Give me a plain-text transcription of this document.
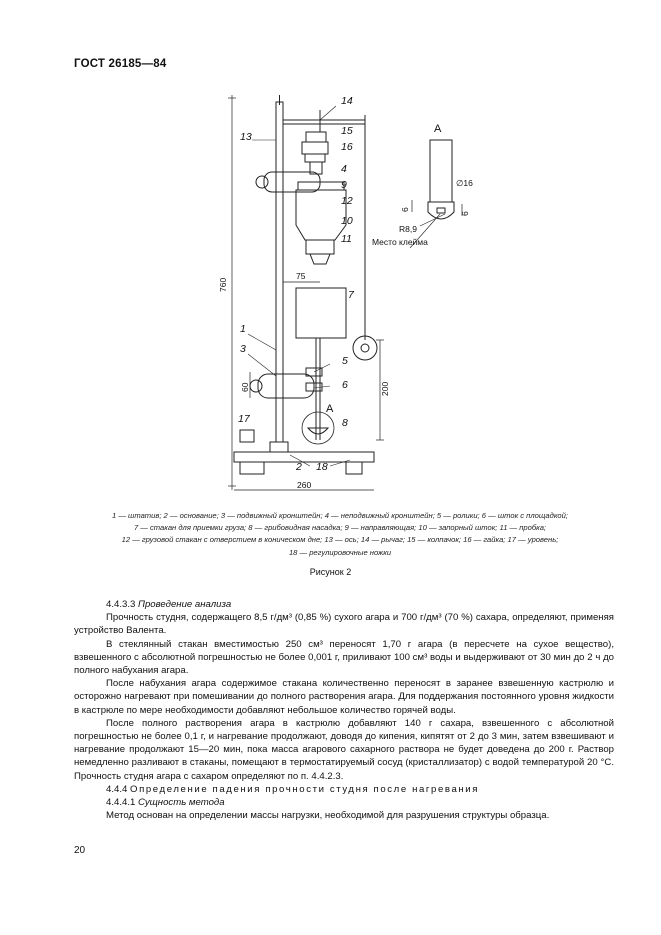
ГОСТ 26185—84
14
13	15
16
4
9
12
10
11
7
1
3
5
6
8
17
2 18
760
260
75
200
60
∅16
R8,9
6
6
Место клейма
A
A
1 — штатив; 2 — основание; 3 — подвижный кронштейн; 4 — неподвижный кронштейн; 5 — ролики; 6 — шток с площадкой;
7 — стакан для приемки груза; 8 — грибовидная насадка; 9 — направляющая; 10 — запорный шток; 11 — пробка;
12 — грузовой стакан с отверстием в коническом дне; 13 — ось; 14 — рычаг; 15 — колпачок; 16 — гайка; 17 — уровень;
18 — регулировочные ножки
Рисунок 2

4.4.3.3 Проведение анализа

Прочность студня, содержащего 8,5 г/дм³ (0,85 %) сухого агара и 700 г/дм³ (70 %) сахара, определяют, применяя устройство Валента.

В стеклянный стакан вместимостью 250 см³ переносят 1,70 г агара (в пересчете на сухое вещество), взвешенного с абсолютной погрешностью не более 0,001 г, приливают 100 см³ воды и выдерживают от 30 мин до 2 ч до полного набухания агара.

После набухания агара содержимое стакана количественно переносят в заранее взвешенную кастрюлю и осторожно нагревают при помешивании до полного растворения агара. Для поддержания постоянного уровня жидкости в кастрюле по мере необходимости добавляют небольшое количество горячей воды.

После полного растворения агара в кастрюлю добавляют 140 г сахара, взвешенного с абсолютной погрешностью не более 0,1 г, и нагревание продолжают, доводя до кипения, кипятят от 2 до 3 мин, затем взвешивают и нагревание продолжают 15—20 мин, пока масса агарового сахарного раствора не будет доведена до 200 г. Раствор немедленно разливают в стаканы, помещают в термостатируемый сосуд (кристаллизатор) с водой температурой 20 °С. Прочность студня агара с сахаром определяют по п. 4.4.2.3.

4.4.4 Определение падения прочности студня после нагревания

4.4.4.1 Сущность метода

Метод основан на определении массы нагрузки, необходимой для разрушения структуры образца.

20
